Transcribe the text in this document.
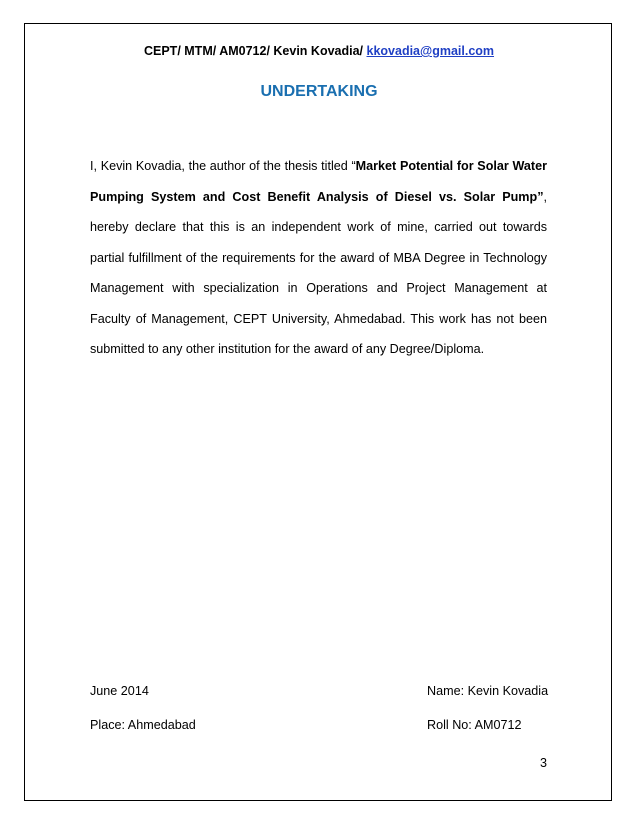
CEPT/ MTM/ AM0712/ Kevin Kovadia/ kkovadia@gmail.com
UNDERTAKING
I, Kevin Kovadia, the author of the thesis titled “Market Potential for Solar Water Pumping System and Cost Benefit Analysis of Diesel vs. Solar Pump”, hereby declare that this is an independent work of mine, carried out towards partial fulfillment of the requirements for the award of MBA Degree in Technology Management with specialization in Operations and Project Management at Faculty of Management, CEPT University, Ahmedabad. This work has not been submitted to any other institution for the award of any Degree/Diploma.
June 2014	Name: Kevin Kovadia
Place: Ahmedabad	Roll No: AM0712
3
